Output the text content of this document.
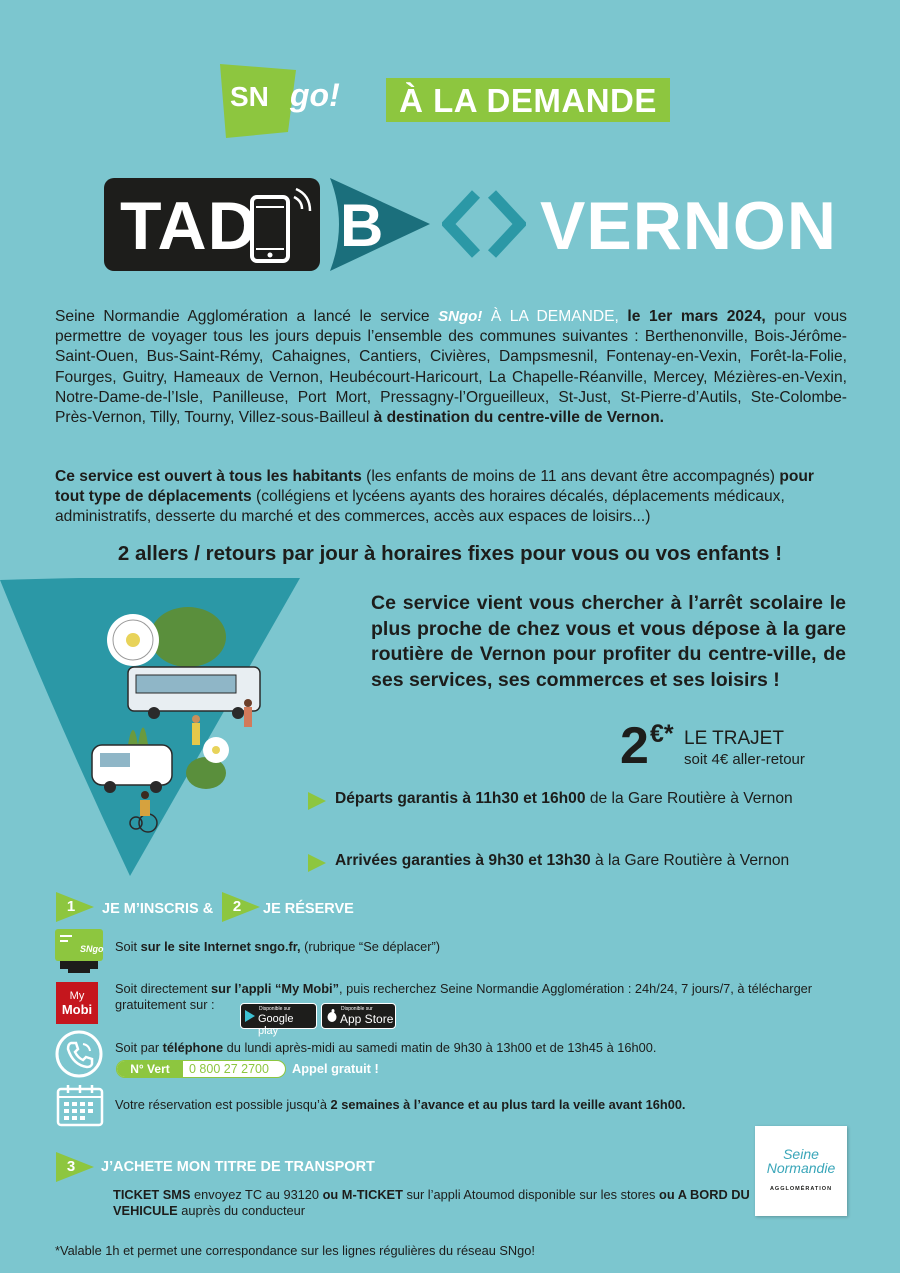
SN go!	À LA DEMANDE
TAD B VERNON
Seine Normandie Agglomération a lancé le service SNgo! À LA DEMANDE, le 1er mars 2024, pour vous permettre de voyager tous les jours depuis l’ensemble des communes suivantes : Berthenonville, Bois-Jérôme-Saint-Ouen, Bus-Saint-Rémy, Cahaignes, Cantiers, Civières, Dampsmesnil, Fontenay-en-Vexin, Forêt-la-Folie, Fourges, Guitry, Hameaux de Vernon, Heubécourt-Haricourt, La Chapelle-Réanville, Mercey, Mézières-en-Vexin, Notre-Dame-de-l’Isle, Panilleuse, Port Mort, Pressagny-l’Orgueilleux, St-Just, St-Pierre-d’Autils, Ste-Colombe-Près-Vernon, Tilly, Tourny, Villez-sous-Bailleul à destination du centre-ville de Vernon.
Ce service est ouvert à tous les habitants (les enfants de moins de 11 ans devant être accompagnés) pour tout type de déplacements (collégiens et lycéens ayants des horaires décalés, déplacements médicaux, administratifs, desserte du marché et des commerces, accès aux espaces de loisirs...)
2 allers / retours par jour à horaires fixes pour vous ou vos enfants !
Ce service vient vous chercher à l’arrêt scolaire le plus proche de chez vous et vous dépose à la gare routière de Vernon pour profiter du centre-ville, de ses services, ses commerces et ses loisirs !
2 €* LE TRAJET
soit 4€ aller-retour
Départs garantis à 11h30 et 16h00 de la Gare Routière à Vernon
Arrivées garanties à 9h30 et 13h30 à la Gare Routière à Vernon
1	JE M’INSCRIS &	2	JE RÉSERVE
SNgo! Soit sur le site Internet sngo.fr, (rubrique “Se déplacer”)
My
Mobi
Soit directement sur l’appli “My Mobi”, puis recherchez Seine Normandie Agglomération : 24h/24, 7 jours/7, à télécharger gratuitement sur :	Disponible sur
Google play
Disponible sur
App Store
Soit par téléphone du lundi après-midi au samedi matin de 9h30 à 13h00 et de 13h45 à 16h00.
N° Vert	0 800 27 2700 Appel gratuit !
Votre réservation est possible jusqu’à 2 semaines à l’avance et au plus tard la veille avant 16h00.
3	J’ACHETE MON TITRE DE TRANSPORT
TICKET SMS envoyez TC au 93120 ou M-TICKET sur l’appli Atoumod disponible sur les stores ou A BORD DU VEHICULE auprès du conducteur
Seine
Normandie
AGGLOMÉRATION
*Valable 1h et permet une correspondance sur les lignes régulières du réseau SNgo!
